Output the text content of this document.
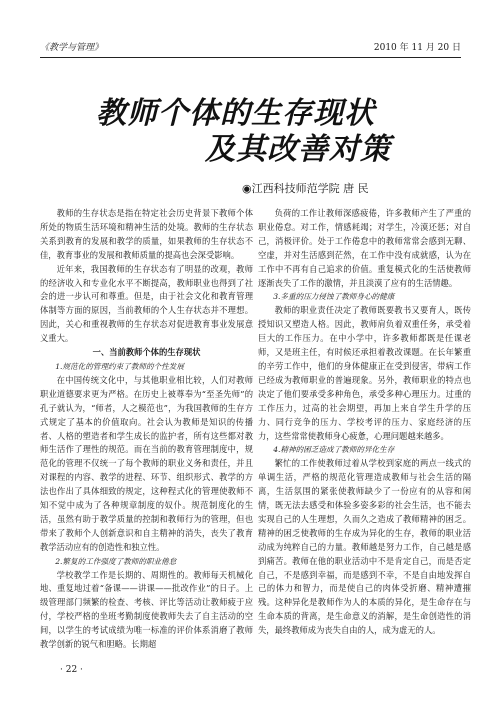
《教学与管理》	2010 年 11 月 20 日
教师个体的生存现状
及其改善对策
◉江西科技师范学院 唐 民

教师的生存状态是指在特定社会历史背景下教师个体所处的物质生活环境和精神生活的处境。教师的生存状态关系到教育的发展和教学的质量，如果教师的生存状态不佳，教育事业的发展和教师质量的提高也会深受影响。

近年来，我国教师的生存状态有了明显的改观，教师的经济收入和专业化水平不断提高，教师职业也得到了社会的进一步认可和尊重。但是，由于社会文化和教育管理体制等方面的原因，当前教师的个人生存状态并不理想。因此，关心和重视教师的生存状态对促进教育事业发展意义重大。

一、当前教师个体的生存现状

1.规范化的管理约束了教师的个性发展

在中国传统文化中，与其他职业相比较，人们对教师职业道德要求更为严格。在历史上被尊奉为“至圣先师”的孔子就认为，“师者，人之模范也”，为我国教师的生存方式规定了基本的价值取向。社会认为教师是知识的传播者、人格的塑造者和学生成长的监护者，所有这些都对教师生活作了理性的规范。而在当前的教育管理制度中，规范化的管理不仅统一了每个教师的职业义务和责任，并且对课程的内容、教学的进程、环节、组织形式、教学的方法也作出了具体细致的规定，这种程式化的管理使教师不知不觉中成为了各种规章制度的奴仆。规范制度化的生活，虽然有助于教学质量的控制和教师行为的管理，但也带来了教师个人创新意识和自主精神的消失，丧失了教育教学活动应有的创造性和独立性。

2.繁复的工作强度了教师的职业倦怠

学校教学工作是长期的、周期性的。教师每天机械化地、重复地过着“备课——讲课——批改作业”的日子。上级管理部门频繁的检查、考核、评比等活动让教师疲于应付，学校严格的坐班考勤制度使教师失去了自主活动的空间，以学生的考试成绩为唯一标准的评价体系消磨了教师教学创新的锐气和胆略。长期超

负荷的工作让教师深感疲倦，许多教师产生了严重的职业倦怠。对工作，情感耗竭；对学生，冷漠还惩；对自己，消极评价。处于工作倦怠中的教师常常会感到无聊、空虚，并对生活感到茫然，在工作中没有成就感，认为在工作中不再有自己追求的价值。重复模式化的生活使教师逐渐丧失了工作的激情，并且淡漠了应有的生活情趣。

3.多重的压力侵蚀了教师身心的健康

教师的职业责任决定了教师既要教书又要育人，既传授知识又塑造人格。因此，教师肩负着双重任务，承受着巨大的工作压力。在中小学中，许多教师都既是任课老师，又是班主任，有时候还承担着教改课题。在长年繁重的辛劳工作中，他们的身体健康正在受到侵害，带病工作已经成为教师职业的普遍现象。另外，教师职业的特点也决定了他们要承受多种角色，承受多种心理压力。过重的工作压力，过高的社会期望，再加上来自学生升学的压力、同行竞争的压力、学校考评的压力、家庭经济的压力，这些常常使教师身心疲惫，心理问题越来越多。

4.精神的困乏造成了教师的异化生存

繁忙的工作使教师过着从学校到家庭的两点一线式的单调生活，严格的规范化管理造成教师与社会生活的隔离，生活氛围的紧张使教师缺少了一份应有的从容和闲情，既无法去感受和体验多姿多彩的社会生活，也不能去实现自己的人生理想，久而久之造成了教师精神的困乏。精神的困乏使教师的生存成为异化的生存，教师的职业活动成为纯粹自己的力量。教师越是努力工作，自己越是感到痛苦。教师在他的职业活动中不是肯定自己，而是否定自己，不是感到幸福，而是感到不幸，不是自由地发挥自己的体力和智力，而是使自己的肉体受折磨、精神遭摧残。这种异化是教师作为人的本质的异化，是生命存在与生命本质的背离，是生命意义的消解，是生命创造性的消失，最终教师成为丧失自由的人，成为虚无的人。

· 22 ·
